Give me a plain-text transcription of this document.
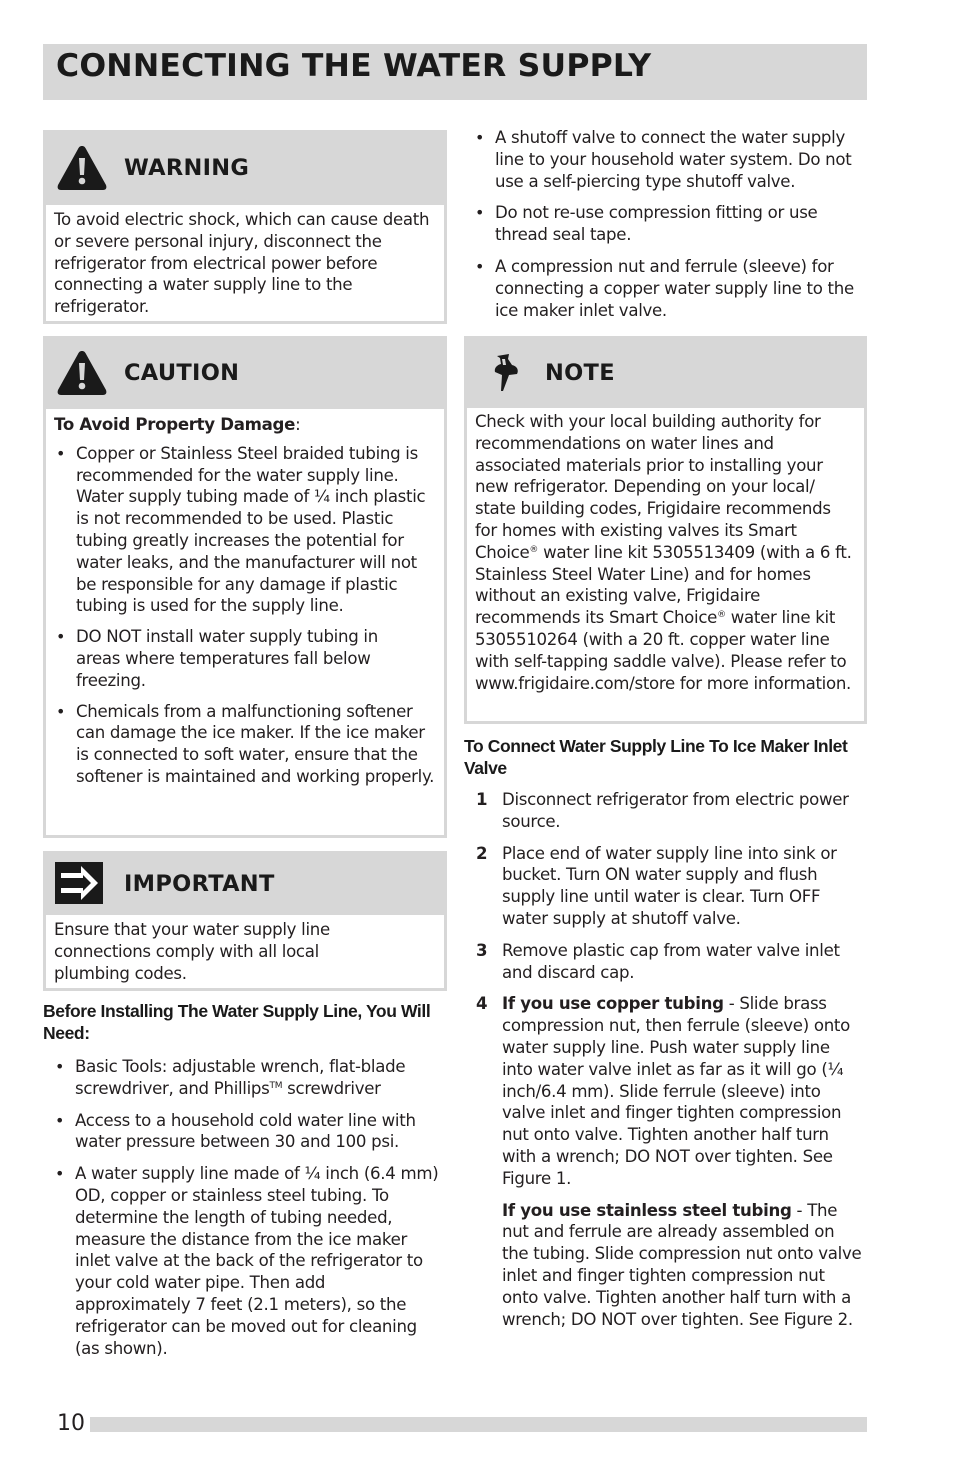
CONNECTING THE WATER SUPPLY
WARNING
To avoid electric shock, which can cause death or severe personal injury, disconnect the refrigerator from electrical power before connecting a water supply line to the refrigerator.
CAUTION
To Avoid Property Damage:
• Copper or Stainless Steel braided tubing is recommended for the water supply line. Water supply tubing made of ¼ inch plastic is not recommended to be used. Plastic tubing greatly increases the potential for water leaks, and the manufacturer will not be responsible for any damage if plastic tubing is used for the supply line.
• DO NOT install water supply tubing in areas where temperatures fall below freezing.
• Chemicals from a malfunctioning softener can damage the ice maker. If the ice maker is connected to soft water, ensure that the softener is maintained and working properly.
IMPORTANT
Ensure that your water supply line connections comply with all local plumbing codes.
Before Installing The Water Supply Line, You Will Need:
• Basic Tools: adjustable wrench, flat-blade screwdriver, and Phillips™ screwdriver
• Access to a household cold water line with water pressure between 30 and 100 psi.
• A water supply line made of ¼ inch (6.4 mm) OD, copper or stainless steel tubing. To determine the length of tubing needed, measure the distance from the ice maker inlet valve at the back of the refrigerator to your cold water pipe. Then add approximately 7 feet (2.1 meters), so the refrigerator can be moved out for cleaning (as shown).
• A shutoff valve to connect the water supply line to your household water system. Do not use a self-piercing type shutoff valve.
• Do not re-use compression fitting or use thread seal tape.
• A compression nut and ferrule (sleeve) for connecting a copper water supply line to the ice maker inlet valve.
NOTE
Check with your local building authority for recommendations on water lines and associated materials prior to installing your new refrigerator. Depending on your local/ state building codes, Frigidaire recommends for homes with existing valves its Smart Choice® water line kit 5305513409 (with a 6 ft. Stainless Steel Water Line) and for homes without an existing valve, Frigidaire recommends its Smart Choice® water line kit 5305510264 (with a 20 ft. copper water line with self-tapping saddle valve). Please refer to www.frigidaire.com/store for more information.
To Connect Water Supply Line To Ice Maker Inlet Valve
1 Disconnect refrigerator from electric power source.
2 Place end of water supply line into sink or bucket. Turn ON water supply and flush supply line until water is clear. Turn OFF water supply at shutoff valve.
3 Remove plastic cap from water valve inlet and discard cap.
4 If you use copper tubing - Slide brass compression nut, then ferrule (sleeve) onto water supply line. Push water supply line into water valve inlet as far as it will go (¼ inch/6.4 mm). Slide ferrule (sleeve) into valve inlet and finger tighten compression nut onto valve. Tighten another half turn with a wrench; DO NOT over tighten. See Figure 1.
If you use stainless steel tubing - The nut and ferrule are already assembled on the tubing. Slide compression nut onto valve inlet and finger tighten compression nut onto valve. Tighten another half turn with a wrench; DO NOT over tighten. See Figure 2.
10
